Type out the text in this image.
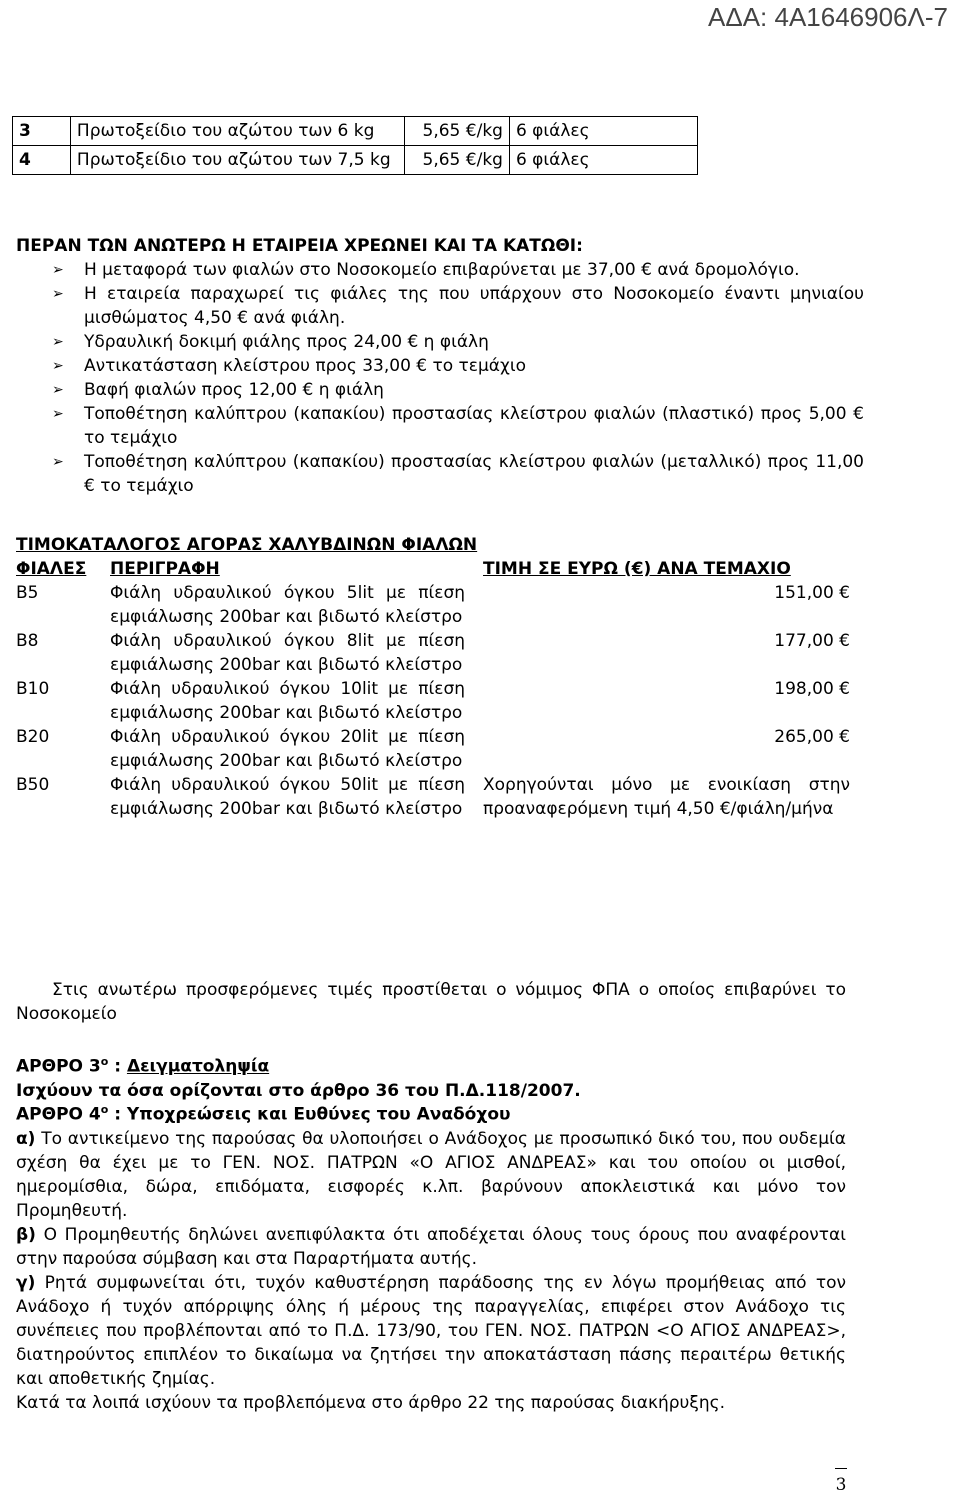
ΑΔΑ: 4Α1646906Λ-7
3	Πρωτοξείδιο του αζώτου των 6 kg	5,65 €/kg	6 φιάλες
4	Πρωτοξείδιο του αζώτου των 7,5 kg	5,65 €/kg	6 φιάλες
ΠΕΡΑΝ ΤΩΝ ΑΝΩΤΕΡΩ Η ΕΤΑΙΡΕΙΑ ΧΡΕΩΝΕΙ ΚΑΙ ΤΑ ΚΑΤΩΘΙ:
➢ Η μεταφορά των φιαλών στο Νοσοκομείο επιβαρύνεται με 37,00 € ανά δρομολόγιο.
➢ Η εταιρεία παραχωρεί τις φιάλες της που υπάρχουν στο Νοσοκομείο έναντι μηνιαίου μισθώματος 4,50 € ανά φιάλη.
➢ Υδραυλική δοκιμή φιάλης προς 24,00 € η φιάλη
➢ Αντικατάσταση κλείστρου προς 33,00 € το τεμάχιο
➢ Βαφή φιαλών προς 12,00 € η φιάλη
➢ Τοποθέτηση καλύπτρου (καπακίου) προστασίας κλείστρου φιαλών (πλαστικό) προς 5,00 € το τεμάχιο
➢ Τοποθέτηση καλύπτρου (καπακίου) προστασίας κλείστρου φιαλών (μεταλλικό) προς 11,00 € το τεμάχιο
ΤΙΜΟΚΑΤΑΛΟΓΟΣ ΑΓΟΡΑΣ ΧΑΛΥΒΔΙΝΩΝ ΦΙΑΛΩΝ
ΦΙΑΛΕΣ	ΠΕΡΙΓΡΑΦΗ	ΤΙΜΗ ΣΕ ΕΥΡΩ (€) ΑΝΑ ΤΕΜΑΧΙΟ
B5	Φιάλη υδραυλικού όγκου 5lit με πίεση εμφιάλωσης 200bar και βιδωτό κλείστρο	151,00 €
B8	Φιάλη υδραυλικού όγκου 8lit με πίεση εμφιάλωσης 200bar και βιδωτό κλείστρο	177,00 €
B10	Φιάλη υδραυλικού όγκου 10lit με πίεση εμφιάλωσης 200bar και βιδωτό κλείστρο	198,00 €
B20	Φιάλη υδραυλικού όγκου 20lit με πίεση εμφιάλωσης 200bar και βιδωτό κλείστρο	265,00 €
B50	Φιάλη υδραυλικού όγκου 50lit με πίεση εμφιάλωσης 200bar και βιδωτό κλείστρο	Χορηγούνται μόνο με ενοικίαση στην προαναφερόμενη τιμή 4,50 €/φιάλη/μήνα
Στις ανωτέρω προσφερόμενες τιμές προστίθεται ο νόμιμος ΦΠΑ ο οποίος επιβαρύνει το Νοσοκομείο
ΑΡΘΡΟ $3^o$ : Δειγματοληψία
Ισχύουν τα όσα ορίζονται στο άρθρο 36 του Π.Δ.118/2007.
ΑΡΘΡΟ $4^o$ : Υποχρεώσεις και Ευθύνες του Αναδόχου
α) Το αντικείμενο της παρούσας θα υλοποιήσει ο Ανάδοχος με προσωπικό δικό του, που ουδεμία σχέση θα έχει με το ΓΕΝ. ΝΟΣ. ΠΑΤΡΩΝ «Ο ΑΓΙΟΣ ΑΝΔΡΕΑΣ» και του οποίου οι μισθοί, ημερομίσθια, δώρα, επιδόματα, εισφορές κ.λπ. βαρύνουν αποκλειστικά και μόνο τον Προμηθευτή.
β) Ο Προμηθευτής δηλώνει ανεπιφύλακτα ότι αποδέχεται όλους τους όρους που αναφέρονται στην παρούσα σύμβαση και στα Παραρτήματα αυτής.
γ) Ρητά συμφωνείται ότι, τυχόν καθυστέρηση παράδοσης της εν λόγω προμήθειας από τον Ανάδοχο ή τυχόν απόρριψης όλης ή μέρους της παραγγελίας, επιφέρει στον Ανάδοχο τις συνέπειες που προβλέπονται από το Π.Δ. 173/90, του ΓΕΝ. ΝΟΣ. ΠΑΤΡΩΝ <Ο ΑΓΙΟΣ ΑΝΔΡΕΑΣ>, διατηρούντος επιπλέον το δικαίωμα να ζητήσει την αποκατάσταση πάσης περαιτέρω θετικής και αποθετικής ζημίας.
Κατά τα λοιπά ισχύουν τα προβλεπόμενα στο άρθρο 22 της παρούσας διακήρυξης.
3
